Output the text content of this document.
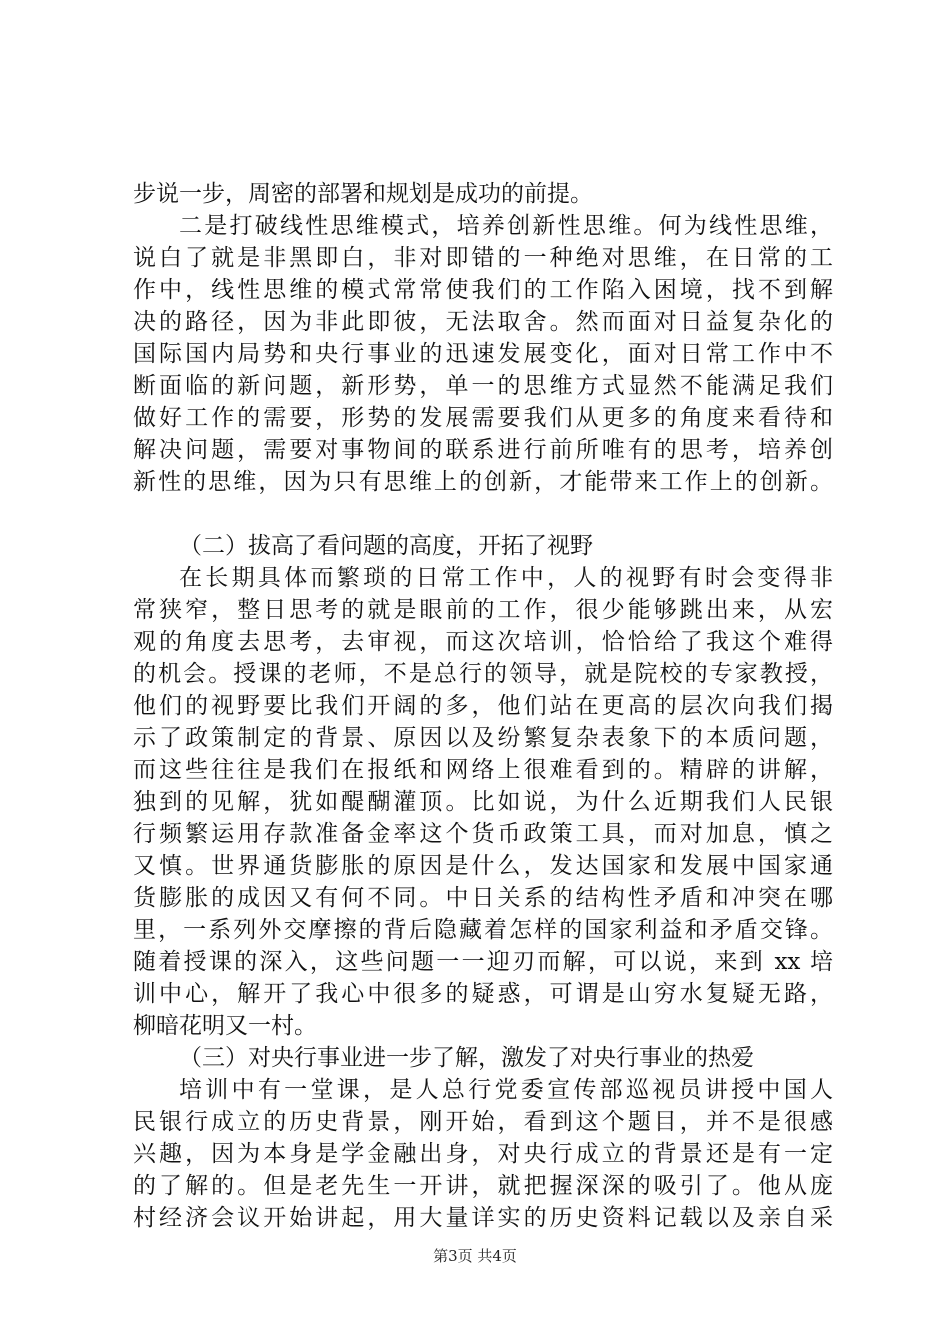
步说一步，周密的部署和规划是成功的前提。
二是打破线性思维模式，培养创新性思维。何为线性思维，
说白了就是非黑即白，非对即错的一种绝对思维，在日常的工
作中，线性思维的模式常常使我们的工作陷入困境，找不到解
决的路径，因为非此即彼，无法取舍。然而面对日益复杂化的
国际国内局势和央行事业的迅速发展变化，面对日常工作中不
断面临的新问题，新形势，单一的思维方式显然不能满足我们
做好工作的需要，形势的发展需要我们从更多的角度来看待和
解决问题，需要对事物间的联系进行前所唯有的思考，培养创
新性的思维，因为只有思维上的创新，才能带来工作上的创新。
（二）拔高了看问题的高度，开拓了视野
在长期具体而繁琐的日常工作中，人的视野有时会变得非
常狭窄，整日思考的就是眼前的工作，很少能够跳出来，从宏
观的角度去思考，去审视，而这次培训，恰恰给了我这个难得
的机会。授课的老师，不是总行的领导，就是院校的专家教授，
他们的视野要比我们开阔的多，他们站在更高的层次向我们揭
示了政策制定的背景、原因以及纷繁复杂表象下的本质问题，
而这些往往是我们在报纸和网络上很难看到的。精辟的讲解，
独到的见解，犹如醍醐灌顶。比如说，为什么近期我们人民银
行频繁运用存款准备金率这个货币政策工具，而对加息，慎之
又慎。世界通货膨胀的原因是什么，发达国家和发展中国家通
货膨胀的成因又有何不同。中日关系的结构性矛盾和冲突在哪
里，一系列外交摩擦的背后隐藏着怎样的国家利益和矛盾交锋。
随着授课的深入，这些问题一一迎刃而解，可以说，来到 xx 培
训中心，解开了我心中很多的疑惑，可谓是山穷水复疑无路，
柳暗花明又一村。
（三）对央行事业进一步了解，激发了对央行事业的热爱
培训中有一堂课，是人总行党委宣传部巡视员讲授中国人
民银行成立的历史背景，刚开始，看到这个题目，并不是很感
兴趣，因为本身是学金融出身，对央行成立的背景还是有一定
的了解的。但是老先生一开讲，就把握深深的吸引了。他从庞
村经济会议开始讲起，用大量详实的历史资料记载以及亲自采
第3页 共4页
